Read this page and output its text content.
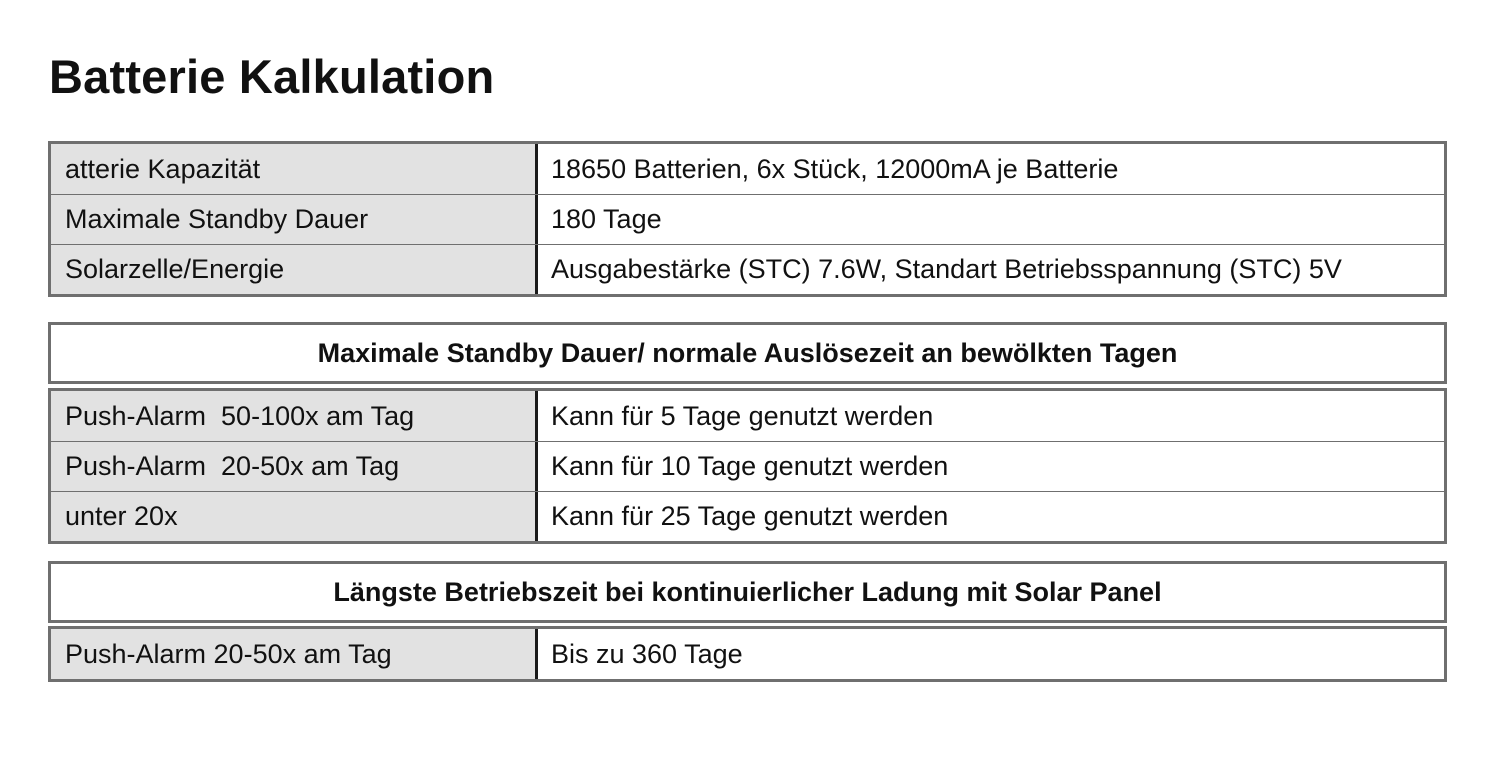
Batterie Kalkulation
atterie Kapazität	18650 Batterien, 6x Stück, 12000mA je Batterie
Maximale Standby Dauer	180 Tage
Solarzelle/Energie	Ausgabestärke (STC) 7.6W, Standart Betriebsspannung (STC) 5V
Maximale Standby Dauer/ normale Auslösezeit an bewölkten Tagen
Push-Alarm  50-100x am Tag	Kann für 5 Tage genutzt werden
Push-Alarm  20-50x am Tag	Kann für 10 Tage genutzt werden
unter 20x	Kann für 25 Tage genutzt werden
Längste Betriebszeit bei kontinuierlicher Ladung mit Solar Panel
Push-Alarm 20-50x am Tag	Bis zu 360 Tage
